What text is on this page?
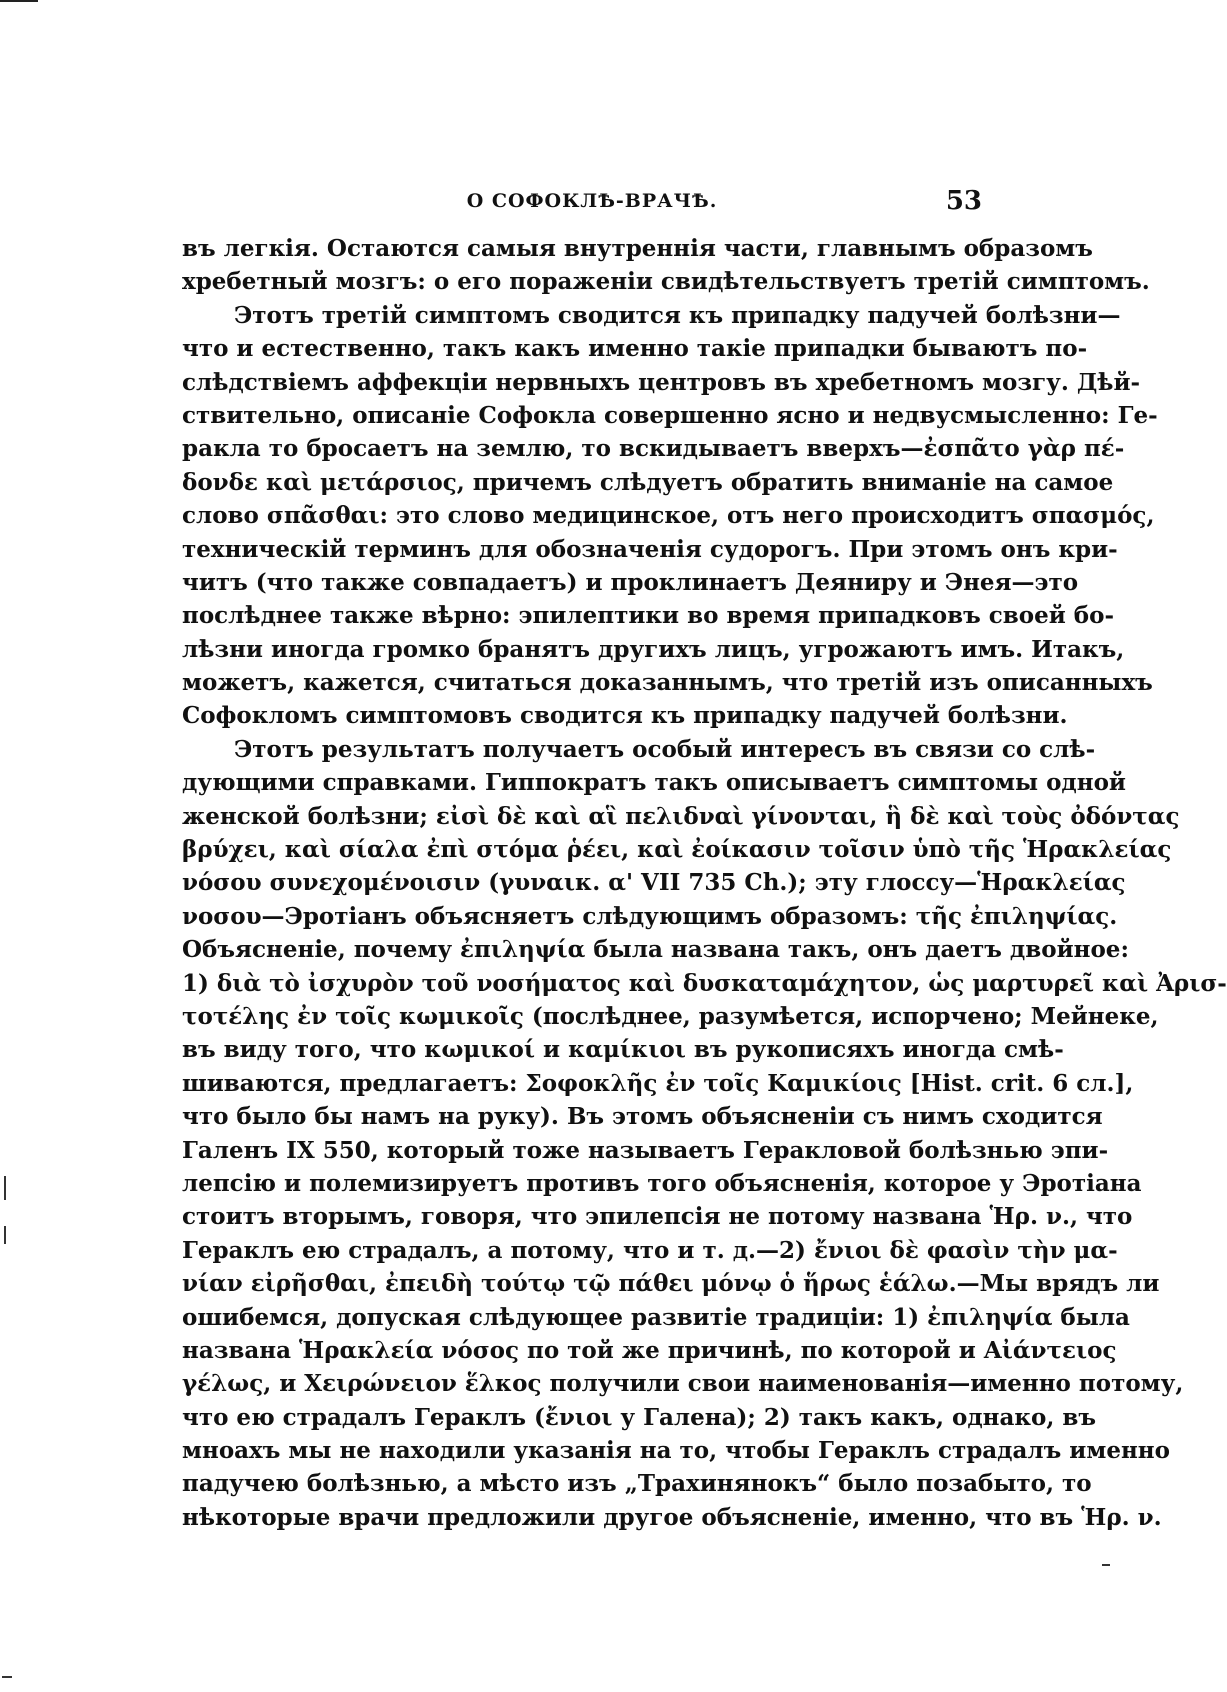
О СОФОКЛѢ-ВРАЧѢ.	53
въ легкія. Остаются самыя внутреннія части, главнымъ образомъ
хребетный мозгъ: о его пораженіи свидѣтельствуетъ третій симптомъ.
Этотъ третій симптомъ сводится къ припадку падучей болѣзни—
что и естественно, такъ какъ именно такіе припадки бываютъ по-
слѣдствіемъ аффекціи нервныхъ центровъ въ хребетномъ мозгу. Дѣй-
ствительно, описаніе Софокла совершенно ясно и недвусмысленно: Ге-
ракла то бросаетъ на землю, то вскидываетъ вверхъ—ἐσπᾶτο γὰρ πέ-
δονδε καὶ μετάρσιος, причемъ слѣдуетъ обратить вниманіе на самое
слово σπᾶσθαι: это слово медицинское, отъ него происходитъ σπασμός,
техническій терминъ для обозначенія судорогъ. При этомъ онъ кри-
читъ (что также совпадаетъ) и проклинаетъ Деяниру и Энея—это
послѣднее также вѣрно: эпилептики во время припадковъ своей бо-
лѣзни иногда громко бранятъ другихъ лицъ, угрожаютъ имъ. Итакъ,
можетъ, кажется, считаться доказаннымъ, что третій изъ описанныхъ
Софокломъ симптомовъ сводится къ припадку падучей болѣзни.
Этотъ результатъ получаетъ особый интересъ въ связи со слѣ-
дующими справками. Гиппократъ такъ описываетъ симптомы одной
женской болѣзни; εἰσὶ δὲ καὶ αἳ πελιδναὶ γίνονται, ἣ δὲ καὶ τοὺς ὀδόντας
βρύχει, καὶ σίαλα ἐπὶ στόμα ῥέει, καὶ ἐοίκασιν τοῖσιν ὑπὸ τῆς Ἡρακλείας
νόσου συνεχομένοισιν (γυναικ. α' VII 735 Ch.); эту глоссу—Ἡρακλείας
νοσου—Эротіанъ объясняетъ слѣдующимъ образомъ: τῆς ἐπιληψίας.
Объясненіе, почему ἐπιληψία была названа такъ, онъ даетъ двойное:
1) διὰ τὸ ἰσχυρὸν τοῦ νοσήματος καὶ δυσκαταμάχητον, ὡς μαρτυρεῖ καὶ Ἀρισ-
τοτέλης ἐν τοῖς κωμικοῖς (послѣднее, разумѣется, испорчено; Мейнеке,
въ виду того, что κωμικοί и καμίκιοι въ рукописяхъ иногда смѣ-
шиваются, предлагаетъ: Σοφοκλῆς ἐν τοῖς Καμικίοις [Hist. crit. 6 сл.],
что было бы намъ на руку). Въ этомъ объясненіи съ нимъ сходится
Галенъ IX 550, который тоже называетъ Геракловой болѣзнью эпи-
лепсію и полемизируетъ противъ того объясненія, которое у Эротіана
стоитъ вторымъ, говоря, что эпилепсія не потому названа Ἡρ. ν., что
Гераклъ ею страдалъ, а потому, что и т. д.—2) ἔνιοι δὲ φασὶν τὴν μα-
νίαν εἰρῆσθαι, ἐπειδὴ τούτῳ τῷ πάθει μόνῳ ὁ ἥρως ἑάλω.—Мы врядъ ли
ошибемся, допуская слѣдующее развитіе традиціи: 1) ἐπιληψία была
названа Ἡρακλεία νόσος по той же причинѣ, по которой и Αἰάντειος
γέλως, и Χειρώνειον ἕλκος получили свои наименованія—именно потому,
что ею страдалъ Гераклъ (ἔνιοι у Галена); 2) такъ какъ, однако, въ
мноахъ мы не находили указанія на то, чтобы Гераклъ страдалъ именно
падучею болѣзнью, а мѣсто изъ „Трахинянокъ“ было позабыто, то
нѣкоторые врачи предложили другое объясненіе, именно, что въ Ἡρ. ν.
